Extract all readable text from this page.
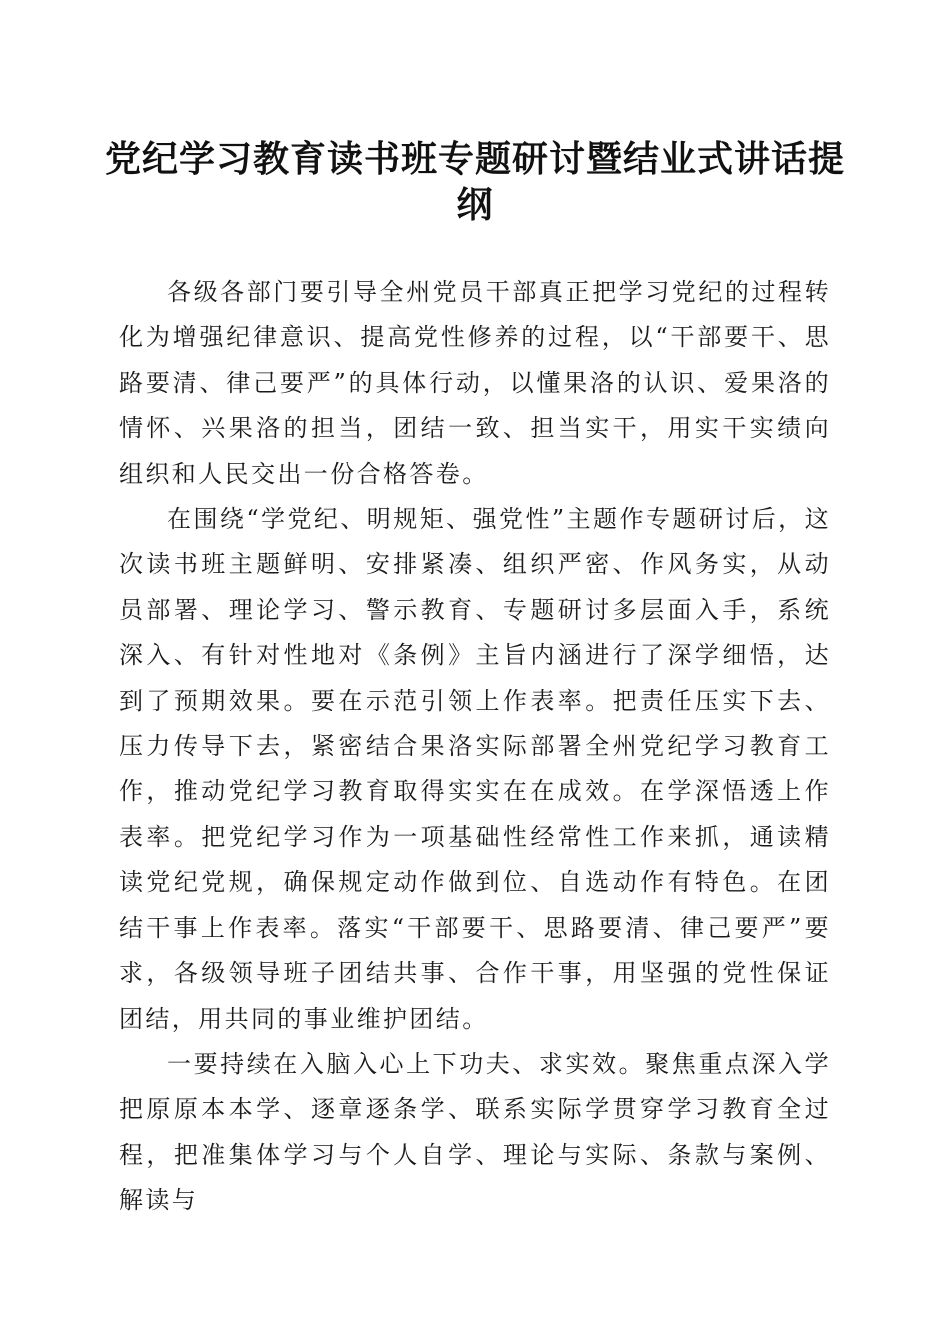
党纪学习教育读书班专题研讨暨结业式讲话提纲

各级各部门要引导全州党员干部真正把学习党纪的过程转化为增强纪律意识、提高党性修养的过程，以“干部要干、思路要清、律己要严”的具体行动，以懂果洛的认识、爱果洛的情怀、兴果洛的担当，团结一致、担当实干，用实干实绩向组织和人民交出一份合格答卷。

在围绕“学党纪、明规矩、强党性”主题作专题研讨后，这次读书班主题鲜明、安排紧凑、组织严密、作风务实，从动员部署、理论学习、警示教育、专题研讨多层面入手，系统深入、有针对性地对《条例》主旨内涵进行了深学细悟，达到了预期效果。要在示范引领上作表率。把责任压实下去、压力传导下去，紧密结合果洛实际部署全州党纪学习教育工作，推动党纪学习教育取得实实在在成效。在学深悟透上作表率。把党纪学习作为一项基础性经常性工作来抓，通读精读党纪党规，确保规定动作做到位、自选动作有特色。在团结干事上作表率。落实“干部要干、思路要清、律己要严”要求，各级领导班子团结共事、合作干事，用坚强的党性保证团结，用共同的事业维护团结。

一要持续在入脑入心上下功夫、求实效。聚焦重点深入学把原原本本学、逐章逐条学、联系实际学贯穿学习教育全过程，把准集体学习与个人自学、理论与实际、条款与案例、解读与
